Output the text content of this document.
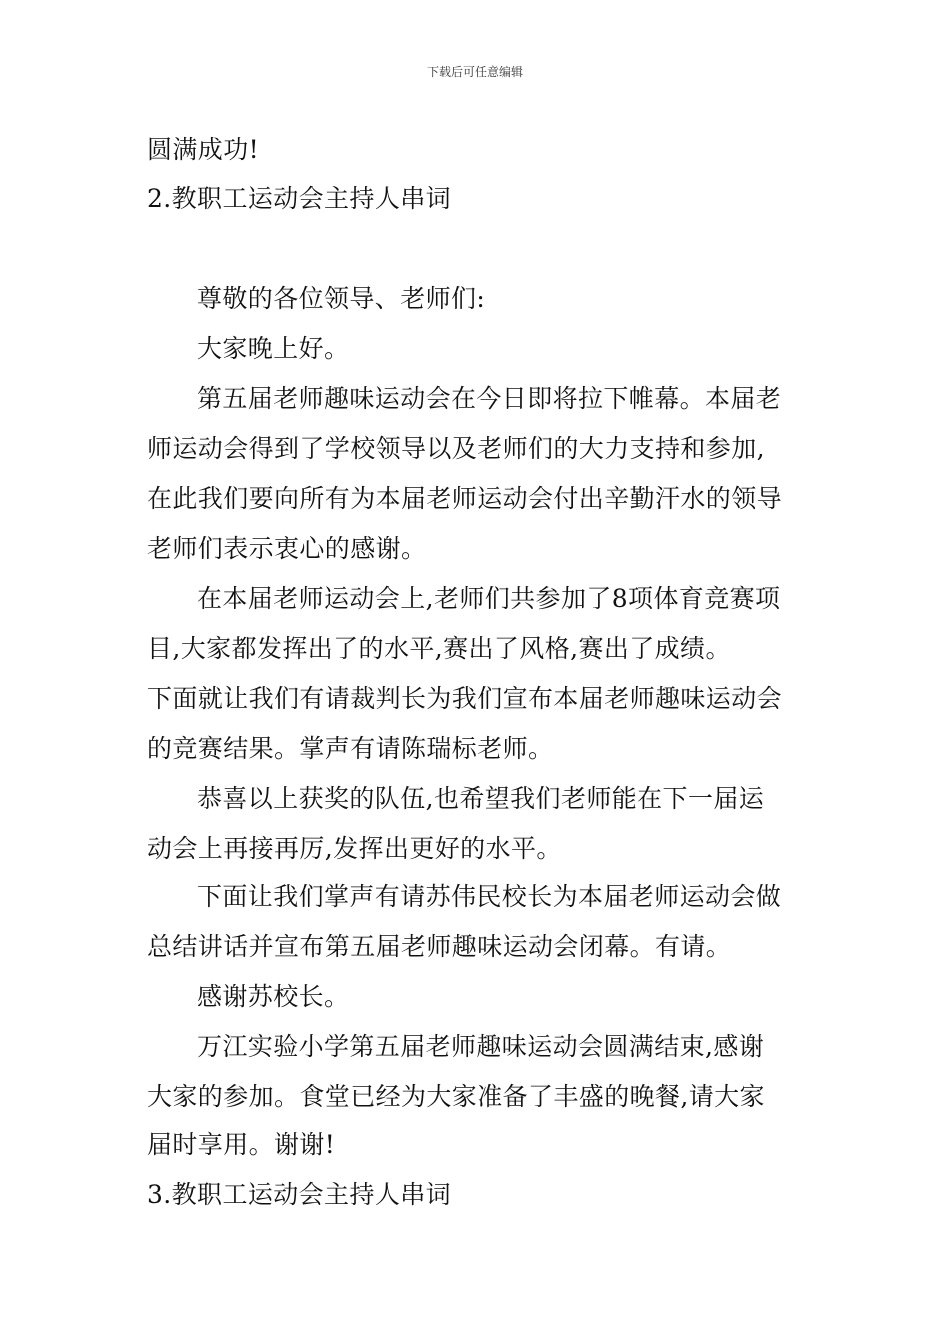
下载后可任意编辑
圆满成功!
2.教职工运动会主持人串词
尊敬的各位领导、老师们:
大家晚上好。
第五届老师趣味运动会在今日即将拉下帷幕。本届老
师运动会得到了学校领导以及老师们的大力支持和参加,
在此我们要向所有为本届老师运动会付出辛勤汗水的领导
老师们表示衷心的感谢。
在本届老师运动会上,老师们共参加了8项体育竞赛项
目,大家都发挥出了的水平,赛出了风格,赛出了成绩。
下面就让我们有请裁判长为我们宣布本届老师趣味运动会
的竞赛结果。掌声有请陈瑞标老师。
恭喜以上获奖的队伍,也希望我们老师能在下一届运
动会上再接再厉,发挥出更好的水平。
下面让我们掌声有请苏伟民校长为本届老师运动会做
总结讲话并宣布第五届老师趣味运动会闭幕。有请。
感谢苏校长。
万江实验小学第五届老师趣味运动会圆满结束,感谢
大家的参加。食堂已经为大家准备了丰盛的晚餐,请大家
届时享用。谢谢!
3.教职工运动会主持人串词
